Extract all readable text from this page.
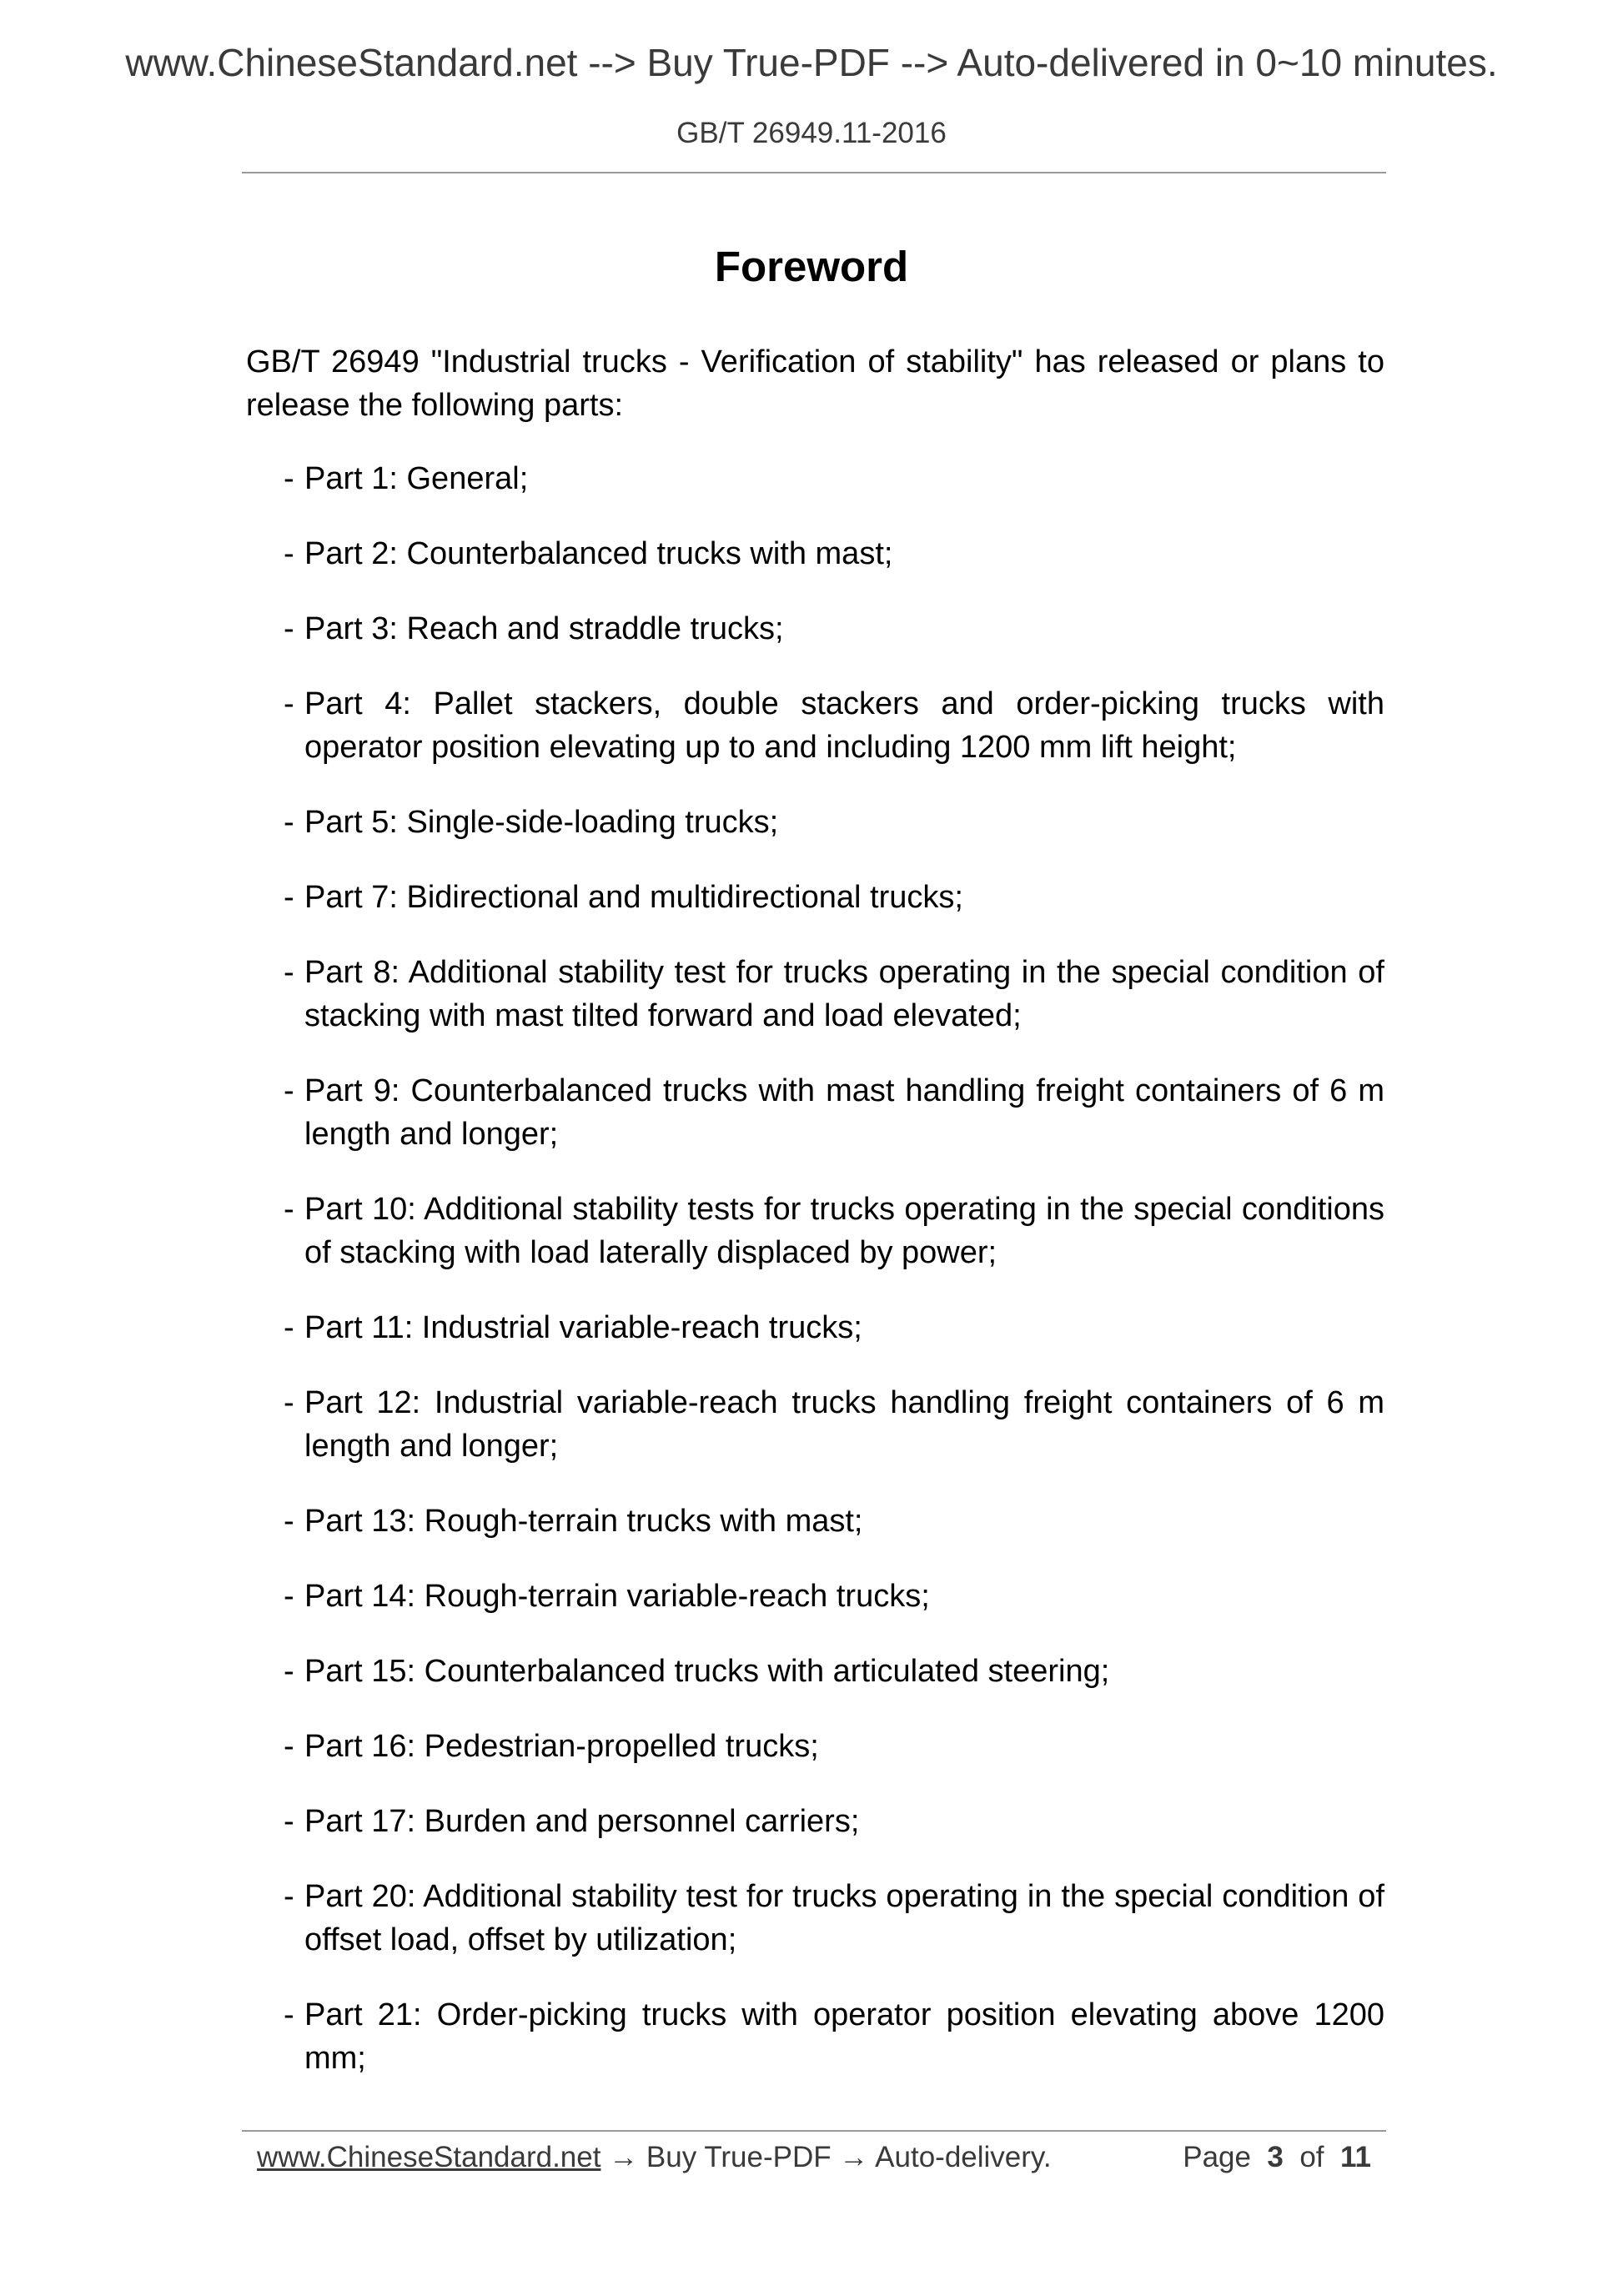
www.ChineseStandard.net --> Buy True-PDF --> Auto-delivered in 0~10 minutes.
GB/T 26949.11-2016
Foreword

GB/T 26949 "Industrial trucks - Verification of stability" has released or plans to release the following parts:

- Part 1: General;
- Part 2: Counterbalanced trucks with mast;
- Part 3: Reach and straddle trucks;
- Part 4: Pallet stackers, double stackers and order-picking trucks with operator position elevating up to and including 1200 mm lift height;
- Part 5: Single-side-loading trucks;
- Part 7: Bidirectional and multidirectional trucks;
- Part 8: Additional stability test for trucks operating in the special condition of stacking with mast tilted forward and load elevated;
- Part 9: Counterbalanced trucks with mast handling freight containers of 6 m length and longer;
- Part 10: Additional stability tests for trucks operating in the special conditions of stacking with load laterally displaced by power;
- Part 11: Industrial variable-reach trucks;
- Part 12: Industrial variable-reach trucks handling freight containers of 6 m length and longer;
- Part 13: Rough-terrain trucks with mast;
- Part 14: Rough-terrain variable-reach trucks;
- Part 15: Counterbalanced trucks with articulated steering;
- Part 16: Pedestrian-propelled trucks;
- Part 17: Burden and personnel carriers;
- Part 20: Additional stability test for trucks operating in the special condition of offset load, offset by utilization;
- Part 21: Order-picking trucks with operator position elevating above 1200 mm;
www.ChineseStandard.net → Buy True-PDF → Auto-delivery.	Page 3 of 11
